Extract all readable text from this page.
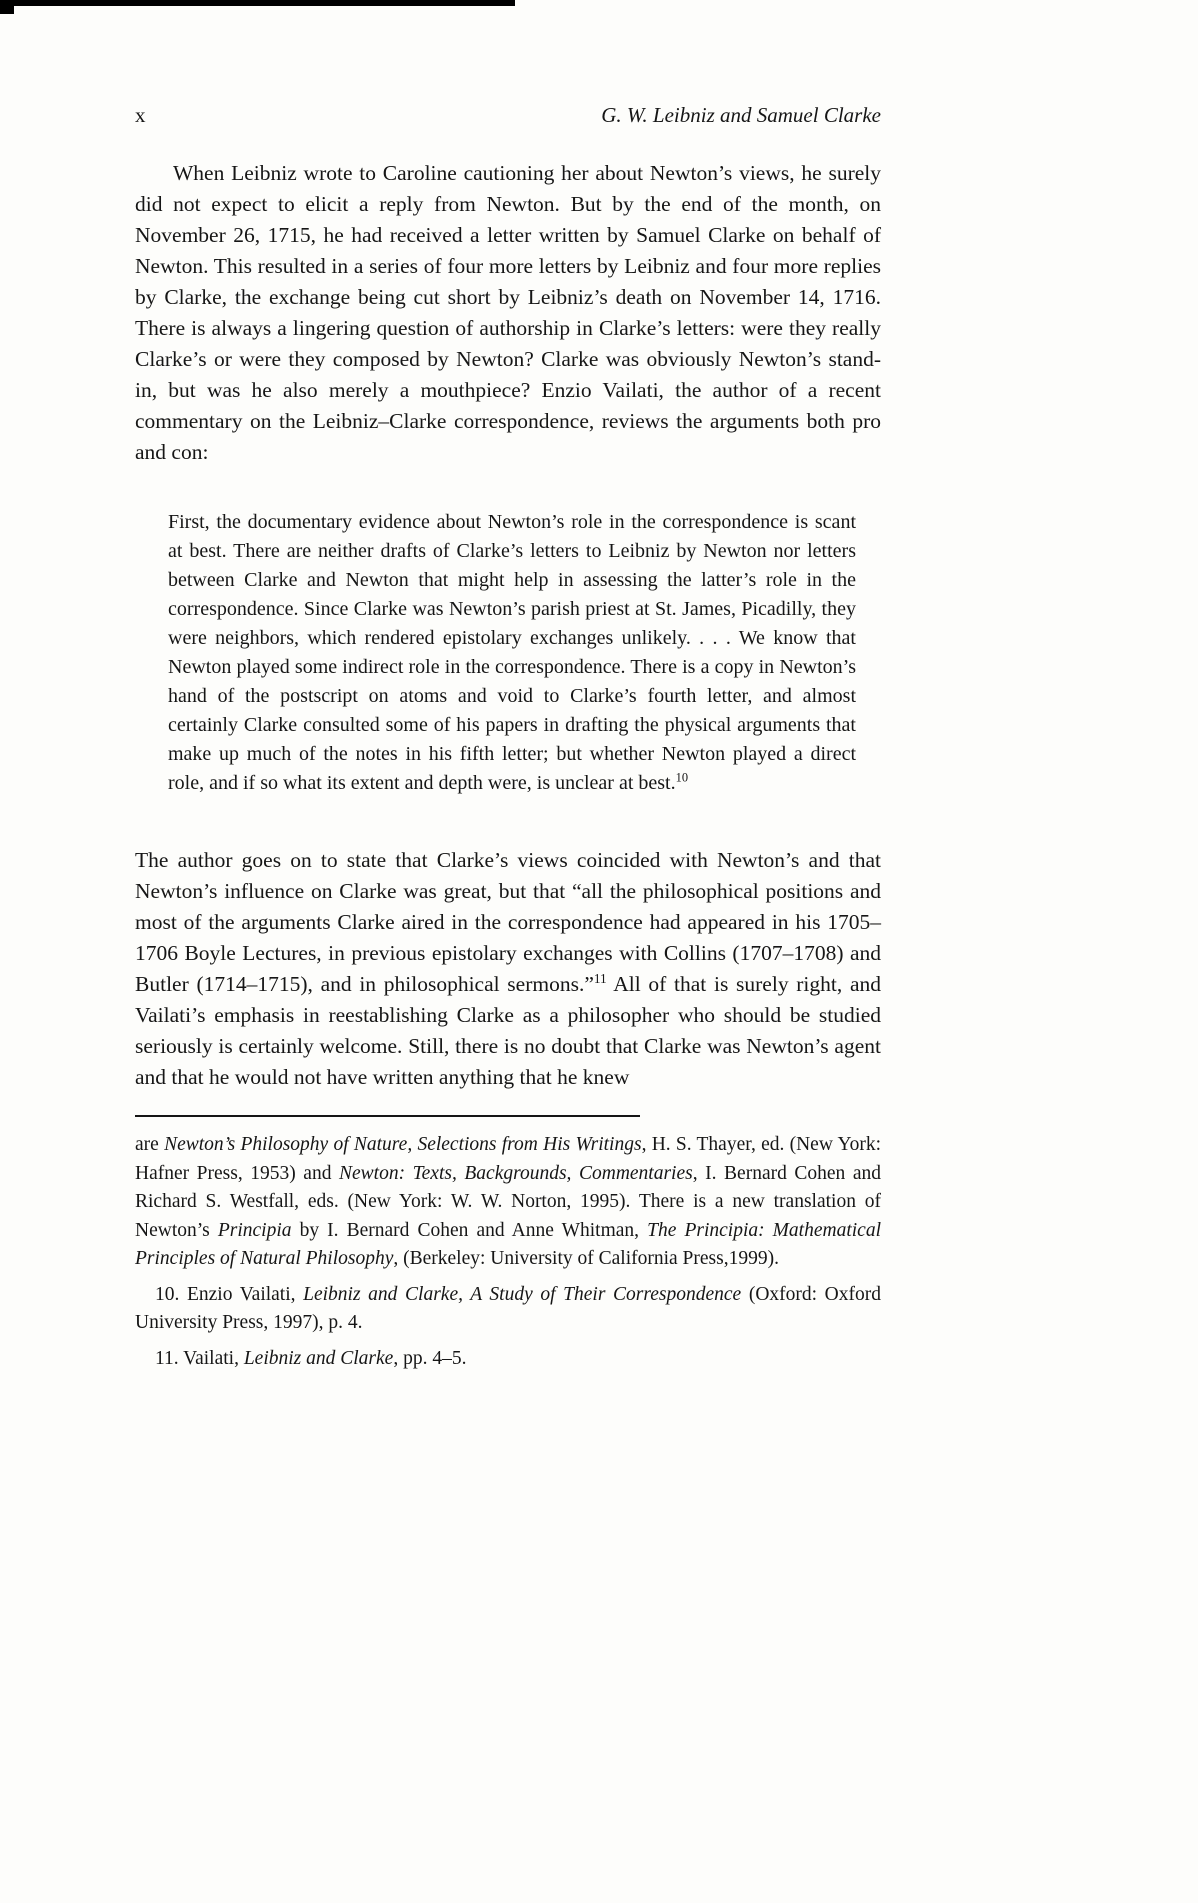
x	G. W. Leibniz and Samuel Clarke

When Leibniz wrote to Caroline cautioning her about Newton’s views, he surely did not expect to elicit a reply from Newton. But by the end of the month, on November 26, 1715, he had received a letter written by Samuel Clarke on behalf of Newton. This resulted in a series of four more letters by Leibniz and four more replies by Clarke, the exchange being cut short by Leibniz’s death on November 14, 1716. There is always a lingering question of authorship in Clarke’s letters: were they really Clarke’s or were they composed by Newton? Clarke was obviously Newton’s stand-in, but was he also merely a mouthpiece? Enzio Vailati, the author of a recent commentary on the Leibniz–Clarke correspondence, reviews the arguments both pro and con:

First, the documentary evidence about Newton’s role in the correspondence is scant at best. There are neither drafts of Clarke’s letters to Leibniz by Newton nor letters between Clarke and Newton that might help in assessing the latter’s role in the correspondence. Since Clarke was Newton’s parish priest at St. James, Picadilly, they were neighbors, which rendered epistolary exchanges unlikely. . . . We know that Newton played some indirect role in the correspondence. There is a copy in Newton’s hand of the postscript on atoms and void to Clarke’s fourth letter, and almost certainly Clarke consulted some of his papers in drafting the physical arguments that make up much of the notes in his fifth letter; but whether Newton played a direct role, and if so what its extent and depth were, is unclear at best.$^{10}$

The author goes on to state that Clarke’s views coincided with Newton’s and that Newton’s influence on Clarke was great, but that “all the philosophical positions and most of the arguments Clarke aired in the correspondence had appeared in his 1705–1706 Boyle Lectures, in previous epistolary exchanges with Collins (1707–1708) and Butler (1714–1715), and in philosophical sermons.”$^{11}$ All of that is surely right, and Vailati’s emphasis in reestablishing Clarke as a philosopher who should be studied seriously is certainly welcome. Still, there is no doubt that Clarke was Newton’s agent and that he would not have written anything that he knew

are Newton’s Philosophy of Nature, Selections from His Writings, H. S. Thayer, ed. (New York: Hafner Press, 1953) and Newton: Texts, Backgrounds, Commentaries, I. Bernard Cohen and Richard S. Westfall, eds. (New York: W. W. Norton, 1995). There is a new translation of Newton’s Principia by I. Bernard Cohen and Anne Whitman, The Principia: Mathematical Principles of Natural Philosophy, (Berkeley: University of California Press,1999).

10. Enzio Vailati, Leibniz and Clarke, A Study of Their Correspondence (Oxford: Oxford University Press, 1997), p. 4.

11. Vailati, Leibniz and Clarke, pp. 4–5.
